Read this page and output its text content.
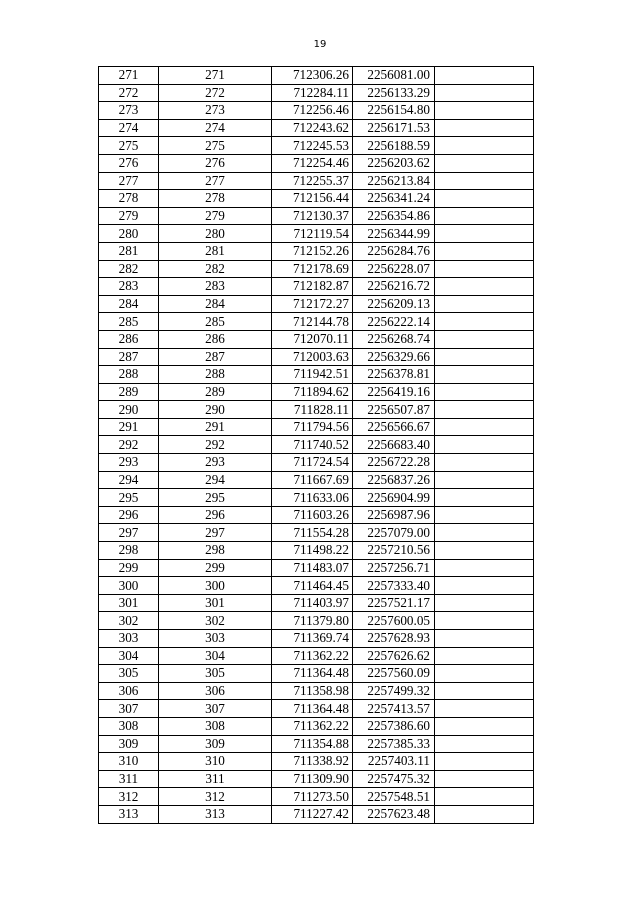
19
271	271	712306.26	2256081.00	
272	272	712284.11	2256133.29	
273	273	712256.46	2256154.80	
274	274	712243.62	2256171.53	
275	275	712245.53	2256188.59	
276	276	712254.46	2256203.62	
277	277	712255.37	2256213.84	
278	278	712156.44	2256341.24	
279	279	712130.37	2256354.86	
280	280	712119.54	2256344.99	
281	281	712152.26	2256284.76	
282	282	712178.69	2256228.07	
283	283	712182.87	2256216.72	
284	284	712172.27	2256209.13	
285	285	712144.78	2256222.14	
286	286	712070.11	2256268.74	
287	287	712003.63	2256329.66	
288	288	711942.51	2256378.81	
289	289	711894.62	2256419.16	
290	290	711828.11	2256507.87	
291	291	711794.56	2256566.67	
292	292	711740.52	2256683.40	
293	293	711724.54	2256722.28	
294	294	711667.69	2256837.26	
295	295	711633.06	2256904.99	
296	296	711603.26	2256987.96	
297	297	711554.28	2257079.00	
298	298	711498.22	2257210.56	
299	299	711483.07	2257256.71	
300	300	711464.45	2257333.40	
301	301	711403.97	2257521.17	
302	302	711379.80	2257600.05	
303	303	711369.74	2257628.93	
304	304	711362.22	2257626.62	
305	305	711364.48	2257560.09	
306	306	711358.98	2257499.32	
307	307	711364.48	2257413.57	
308	308	711362.22	2257386.60	
309	309	711354.88	2257385.33	
310	310	711338.92	2257403.11	
311	311	711309.90	2257475.32	
312	312	711273.50	2257548.51	
313	313	711227.42	2257623.48	
